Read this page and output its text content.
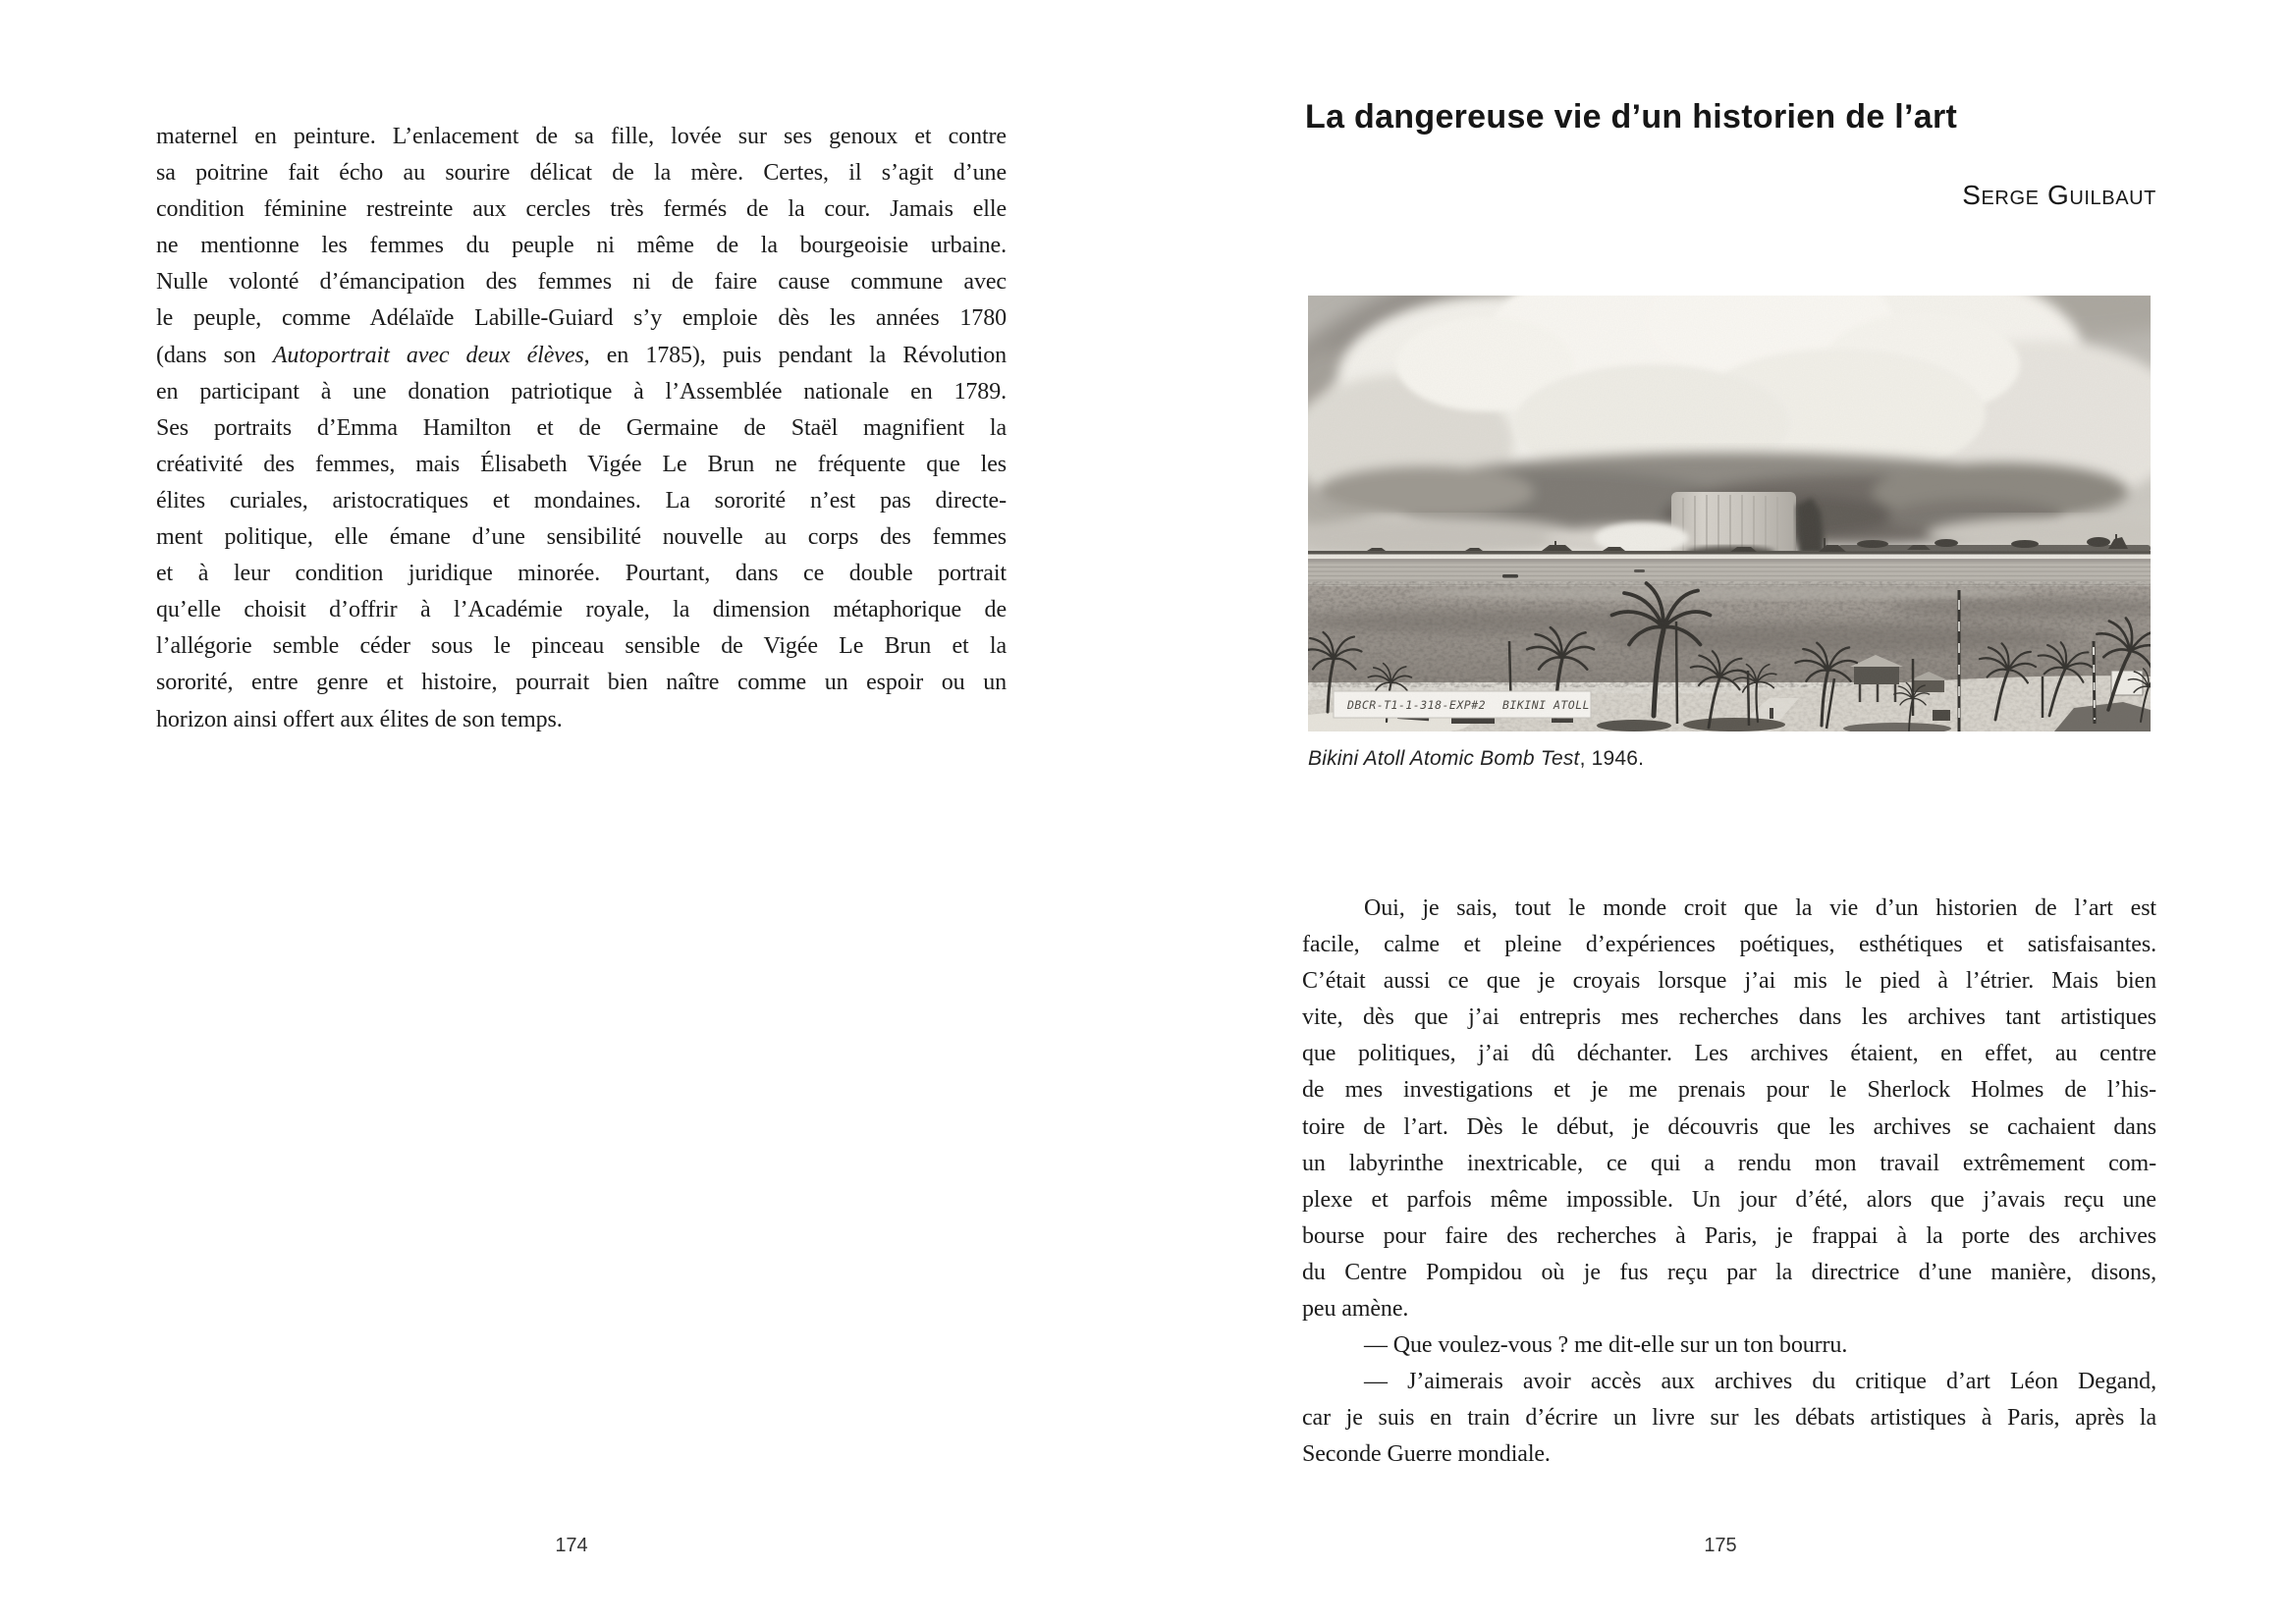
maternel en peinture. L’enlacement de sa fille, lovée sur ses genoux et contre
sa poitrine fait écho au sourire délicat de la mère. Certes, il s’agit d’une
condition féminine restreinte aux cercles très fermés de la cour. Jamais elle
ne mentionne les femmes du peuple ni même de la bourgeoisie urbaine.
Nulle volonté d’émancipation des femmes ni de faire cause commune avec
le peuple, comme Adélaïde Labille-Guiard s’y emploie dès les années 1780
(dans son Autoportrait avec deux élèves, en 1785), puis pendant la Révolution
en participant à une donation patriotique à l’Assemblée nationale en 1789.
Ses portraits d’Emma Hamilton et de Germaine de Staël magnifient la
créativité des femmes, mais Élisabeth Vigée Le Brun ne fréquente que les
élites curiales, aristocratiques et mondaines. La sororité n’est pas directe-
ment politique, elle émane d’une sensibilité nouvelle au corps des femmes
et à leur condition juridique minorée. Pourtant, dans ce double portrait
qu’elle choisit d’offrir à l’Académie royale, la dimension métaphorique de
l’allégorie semble céder sous le pinceau sensible de Vigée Le Brun et la
sororité, entre genre et histoire, pourrait bien naître comme un espoir ou un
horizon ainsi offert aux élites de son temps.
174
La dangereuse vie d’un historien de l’art
Serge Guilbaut
DBCR-T1-1-318-EXP#2 BIKINI ATOLL
Bikini Atoll Atomic Bomb Test, 1946.
Oui, je sais, tout le monde croit que la vie d’un historien de l’art est
facile, calme et pleine d’expériences poétiques, esthétiques et satisfaisantes.
C’était aussi ce que je croyais lorsque j’ai mis le pied à l’étrier. Mais bien
vite, dès que j’ai entrepris mes recherches dans les archives tant artistiques
que politiques, j’ai dû déchanter. Les archives étaient, en effet, au centre
de mes investigations et je me prenais pour le Sherlock Holmes de l’his-
toire de l’art. Dès le début, je découvris que les archives se cachaient dans
un labyrinthe inextricable, ce qui a rendu mon travail extrêmement com-
plexe et parfois même impossible. Un jour d’été, alors que j’avais reçu une
bourse pour faire des recherches à Paris, je frappai à la porte des archives
du Centre Pompidou où je fus reçu par la directrice d’une manière, disons,
peu amène.
— Que voulez-vous ? me dit-elle sur un ton bourru.
— J’aimerais avoir accès aux archives du critique d’art Léon Degand,
car je suis en train d’écrire un livre sur les débats artistiques à Paris, après la
Seconde Guerre mondiale.
175
